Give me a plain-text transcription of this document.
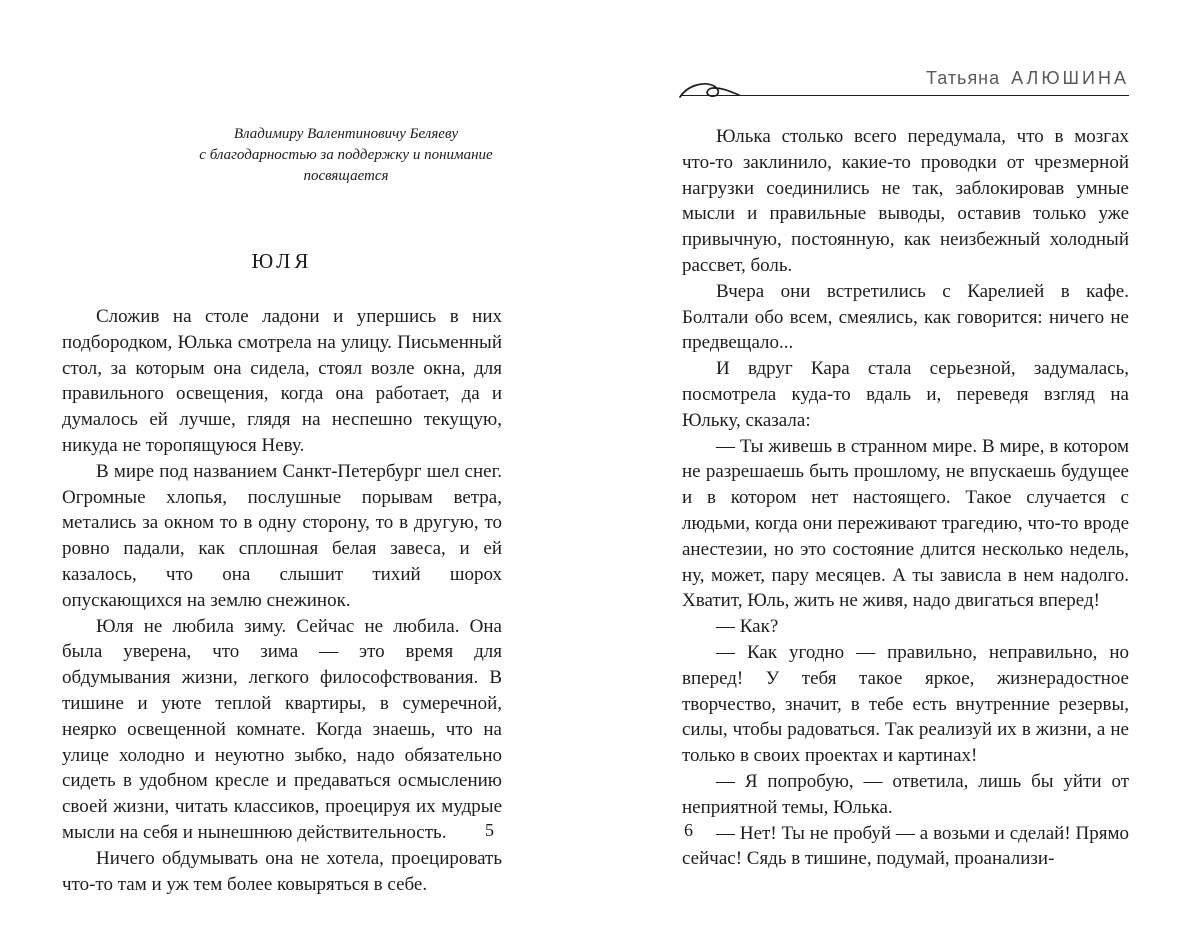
Владимиру Валентиновичу Беляеву
с благодарностью за поддержку и понимание
посвящается
ЮЛЯ

Сложив на столе ладони и упершись в них подбородком, Юлька смотрела на улицу. Письменный стол, за которым она сидела, стоял возле окна, для правильного освещения, когда она работает, да и думалось ей лучше, глядя на неспешно текущую, никуда не торопящуюся Неву.

В мире под названием Санкт-Петербург шел снег. Огромные хлопья, послушные порывам ветра, метались за окном то в одну сторону, то в другую, то ровно падали, как сплошная белая завеса, и ей казалось, что она слышит тихий шорох опускающихся на землю снежинок.

Юля не любила зиму. Сейчас не любила. Она была уверена, что зима — это время для обдумывания жизни, легкого философствования. В тишине и уюте теплой квартиры, в сумеречной, неярко освещенной комнате. Когда знаешь, что на улице холодно и неуютно зыбко, надо обязательно сидеть в удобном кресле и предаваться осмыслению своей жизни, читать классиков, проецируя их мудрые мысли на себя и нынешнюю действительность.

Ничего обдумывать она не хотела, проецировать что-то там и уж тем более ковыряться в себе.

Татьяна АЛЮШИНА

Юлька столько всего передумала, что в мозгах что-то заклинило, какие-то проводки от чрезмерной нагрузки соединились не так, заблокировав умные мысли и правильные выводы, оставив только уже привычную, постоянную, как неизбежный холодный рассвет, боль.

Вчера они встретились с Карелией в кафе. Болтали обо всем, смеялись, как говорится: ничего не предвещало...

И вдруг Кара стала серьезной, задумалась, посмотрела куда-то вдаль и, переведя взгляд на Юльку, сказала:

— Ты живешь в странном мире. В мире, в котором не разрешаешь быть прошлому, не впускаешь будущее и в котором нет настоящего. Такое случается с людьми, когда они переживают трагедию, что-то вроде анестезии, но это состояние длится несколько недель, ну, может, пару месяцев. А ты зависла в нем надолго. Хватит, Юль, жить не живя, надо двигаться вперед!

— Как?

— Как угодно — правильно, неправильно, но вперед! У тебя такое яркое, жизнерадостное творчество, значит, в тебе есть внутренние резервы, силы, чтобы радоваться. Так реализуй их в жизни, а не только в своих проектах и картинах!

— Я попробую, — ответила, лишь бы уйти от неприятной темы, Юлька.

— Нет! Ты не пробуй — а возьми и сделай! Прямо сейчас! Сядь в тишине, подумай, проанализи-

5	6
